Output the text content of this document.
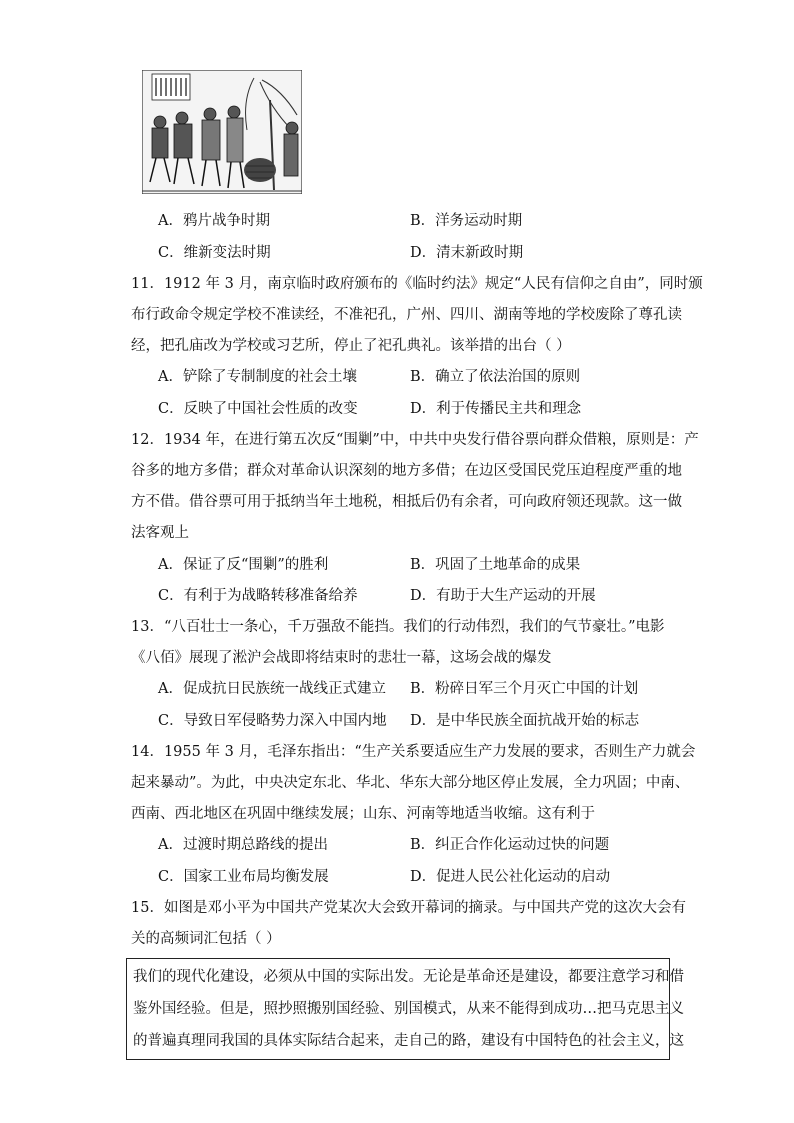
A．鸦片战争时期	B．洋务运动时期
C．维新变法时期	D．清末新政时期
11．1912 年 3 月，南京临时政府颁布的《临时约法》规定“人民有信仰之自由”，同时颁
布行政命令规定学校不准读经，不准祀孔，广州、四川、湖南等地的学校废除了尊孔读
经，把孔庙改为学校或习艺所，停止了祀孔典礼。该举措的出台（ ）
A．铲除了专制制度的社会土壤	B．确立了依法治国的原则
C．反映了中国社会性质的改变	D．利于传播民主共和理念
12．1934 年，在进行第五次反“围剿”中，中共中央发行借谷票向群众借粮，原则是：产
谷多的地方多借；群众对革命认识深刻的地方多借；在边区受国民党压迫程度严重的地
方不借。借谷票可用于抵纳当年土地税，相抵后仍有余者，可向政府领还现款。这一做
法客观上
A．保证了反“围剿”的胜利	B．巩固了土地革命的成果
C．有利于为战略转移准备给养	D．有助于大生产运动的开展
13．“八百壮士一条心，千万强敌不能挡。我们的行动伟烈，我们的气节豪壮。”电影
《八佰》展现了淞沪会战即将结束时的悲壮一幕，这场会战的爆发
A．促成抗日民族统一战线正式建立 B．粉碎日军三个月灭亡中国的计划
C．导致日军侵略势力深入中国内地 D．是中华民族全面抗战开始的标志
14．1955 年 3 月，毛泽东指出：“生产关系要适应生产力发展的要求，否则生产力就会
起来暴动”。为此，中央决定东北、华北、华东大部分地区停止发展，全力巩固；中南、
西南、西北地区在巩固中继续发展；山东、河南等地适当收缩。这有利于
A．过渡时期总路线的提出	B．纠正合作化运动过快的问题
C．国家工业布局均衡发展	D．促进人民公社化运动的启动
15．如图是邓小平为中国共产党某次大会致开幕词的摘录。与中国共产党的这次大会有
关的高频词汇包括（ ）
我们的现代化建设，必须从中国的实际出发。无论是革命还是建设，都要注意学习和借
鉴外国经验。但是，照抄照搬别国经验、别国模式，从来不能得到成功…把马克思主义
的普遍真理同我国的具体实际结合起来，走自己的路，建设有中国特色的社会主义，这
